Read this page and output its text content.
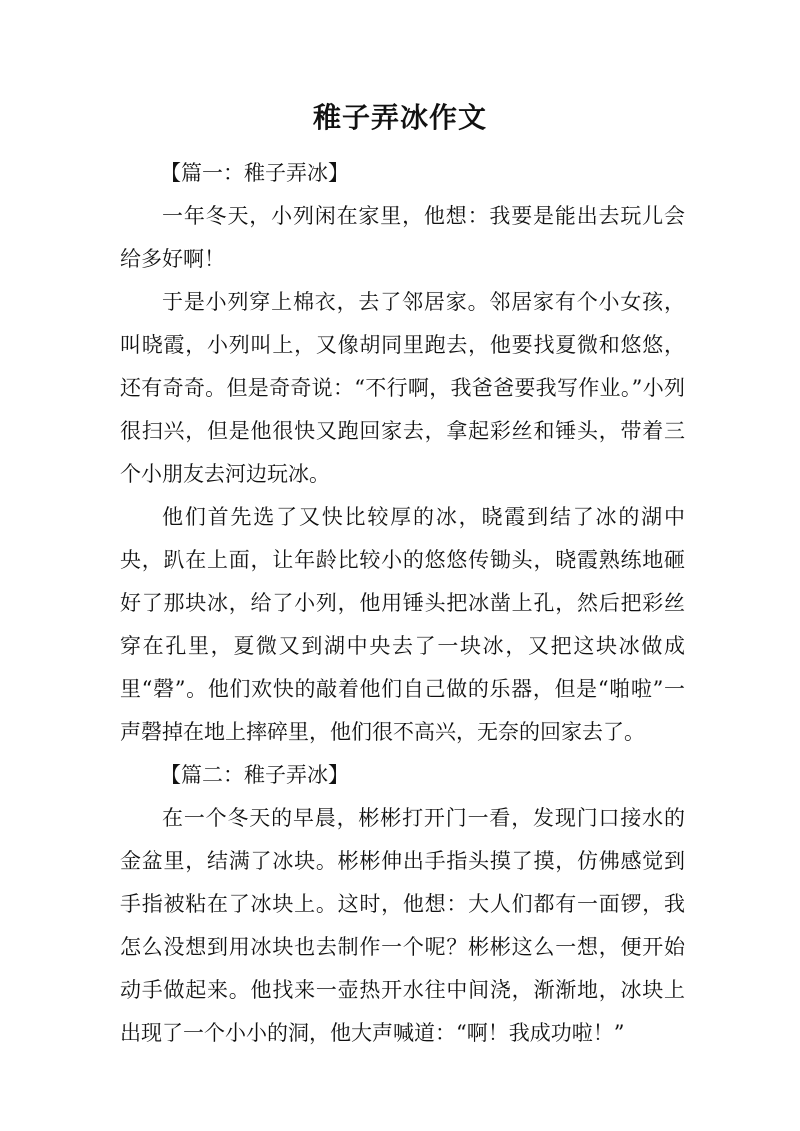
稚子弄冰作文

【篇一：稚子弄冰】

一年冬天，小列闲在家里，他想：我要是能出去玩儿会给多好啊！

于是小列穿上棉衣，去了邻居家。邻居家有个小女孩，叫晓霞，小列叫上，又像胡同里跑去，他要找夏微和悠悠，还有奇奇。但是奇奇说：“不行啊，我爸爸要我写作业。”小列很扫兴，但是他很快又跑回家去，拿起彩丝和锤头，带着三个小朋友去河边玩冰。

他们首先选了又快比较厚的冰，晓霞到结了冰的湖中央，趴在上面，让年龄比较小的悠悠传锄头，晓霞熟练地砸好了那块冰，给了小列，他用锤头把冰凿上孔，然后把彩丝穿在孔里，夏微又到湖中央去了一块冰，又把这块冰做成里“磬”。他们欢快的敲着他们自己做的乐器，但是“啪啦”一声磬掉在地上摔碎里，他们很不高兴，无奈的回家去了。

【篇二：稚子弄冰】

在一个冬天的早晨，彬彬打开门一看，发现门口接水的金盆里，结满了冰块。彬彬伸出手指头摸了摸，仿佛感觉到手指被粘在了冰块上。这时，他想：大人们都有一面锣，我怎么没想到用冰块也去制作一个呢？彬彬这么一想，便开始动手做起来。他找来一壶热开水往中间浇，渐渐地，冰块上出现了一个小小的洞，他大声喊道：“啊！我成功啦！”
